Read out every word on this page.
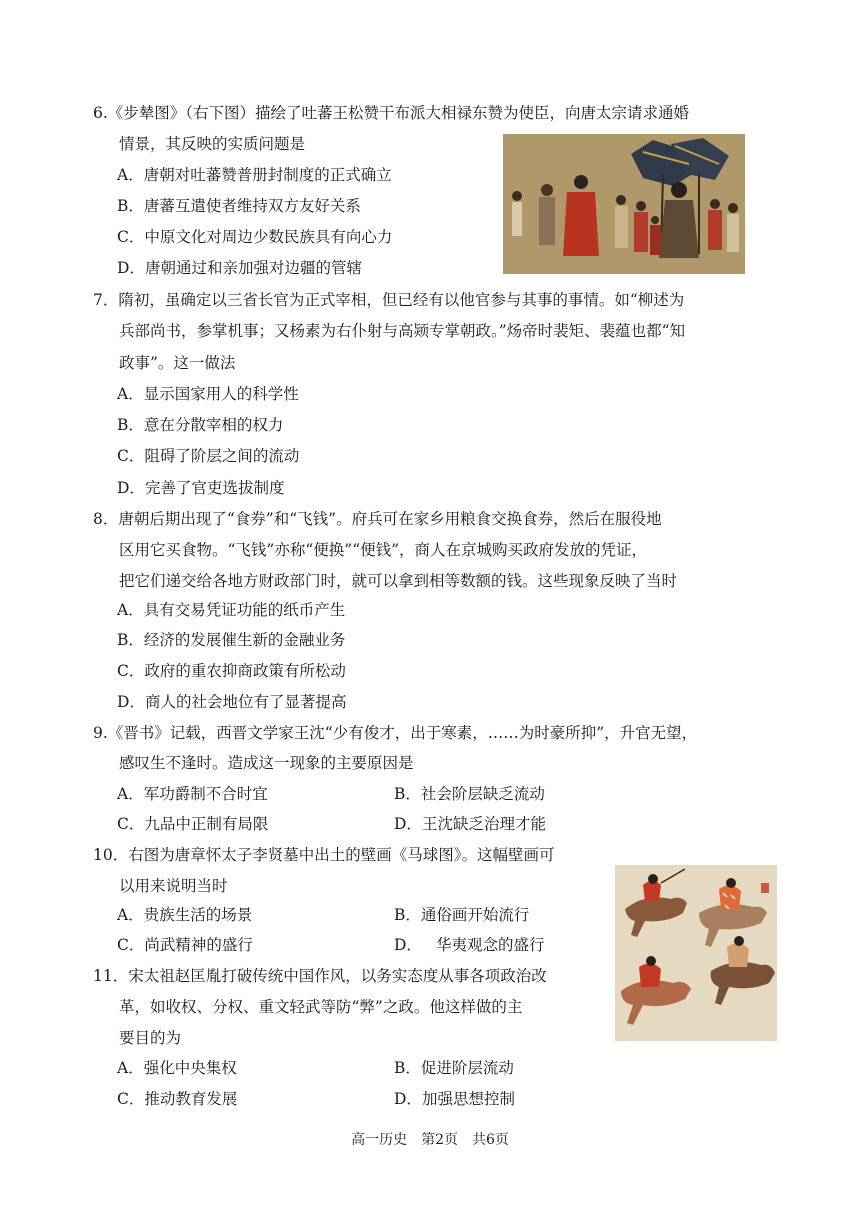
6.《步辇图》（右下图）描绘了吐蕃王松赞干布派大相禄东赞为使臣，向唐太宗请求通婚
情景，其反映的实质问题是
A．唐朝对吐蕃赞普册封制度的正式确立
B．唐蕃互遣使者维持双方友好关系
C．中原文化对周边少数民族具有向心力
D．唐朝通过和亲加强对边疆的管辖
7．隋初，虽确定以三省长官为正式宰相，但已经有以他官参与其事的事情。如“柳述为
兵部尚书，参掌机事；又杨素为右仆射与高颎专掌朝政。”炀帝时裴矩、裴蕴也都“知
政事”。这一做法
A．显示国家用人的科学性
B．意在分散宰相的权力
C．阻碍了阶层之间的流动
D．完善了官吏选拔制度
8．唐朝后期出现了“食券”和“飞钱”。府兵可在家乡用粮食交换食券，然后在服役地
区用它买食物。“飞钱”亦称“便换”“便钱”，商人在京城购买政府发放的凭证，
把它们递交给各地方财政部门时，就可以拿到相等数额的钱。这些现象反映了当时
A．具有交易凭证功能的纸币产生
B．经济的发展催生新的金融业务
C．政府的重农抑商政策有所松动
D．商人的社会地位有了显著提高
9.《晋书》记载，西晋文学家王沈“少有俊才，出于寒素，……为时豪所抑”，升官无望，
感叹生不逢时。造成这一现象的主要原因是
A．军功爵制不合时宜	B．社会阶层缺乏流动
C．九品中正制有局限	D．王沈缺乏治理才能
10．右图为唐章怀太子李贤墓中出土的壁画《马球图》。这幅壁画可
以用来说明当时
A．贵族生活的场景	B．通俗画开始流行
C．尚武精神的盛行	D． 华夷观念的盛行
11．宋太祖赵匡胤打破传统中国作风，以务实态度从事各项政治改
革，如收权、分权、重文轻武等防“弊”之政。他这样做的主
要目的为
A．强化中央集权	B．促进阶层流动
C．推动教育发展	D．加强思想控制
高一历史　第2页　共6页
